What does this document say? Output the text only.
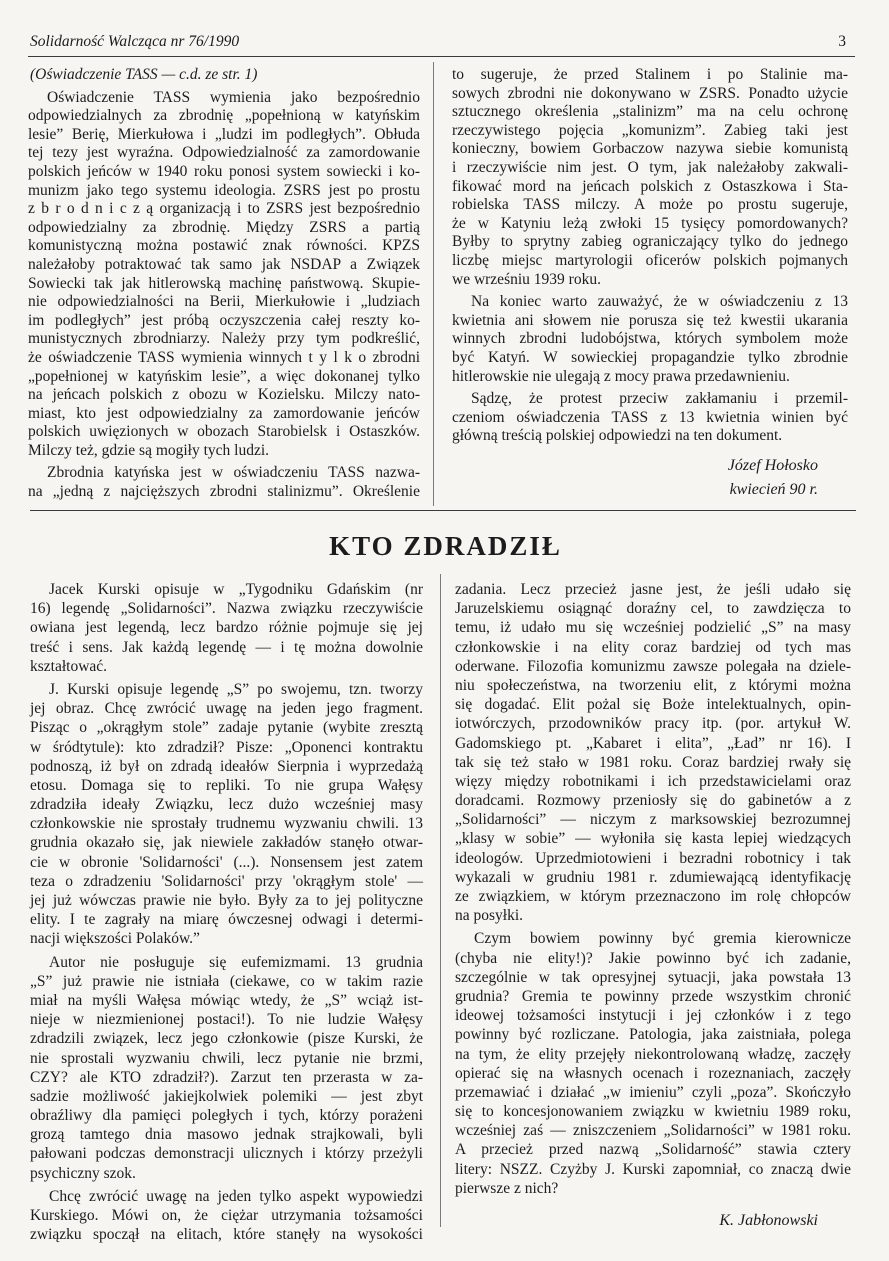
Solidarność Walcząca nr 76/1990	3
(Oświadczenie TASS — c.d. ze str. 1)
Oświadczenie TASS wymienia jako bezpośrednio
odpowiedzialnych za zbrodnię „popełnioną w katyńskim
lesie” Berię, Mierkułowa i „ludzi im podległych”. Obłuda
tej tezy jest wyraźna. Odpowiedzialność za zamordowanie
polskich jeńców w 1940 roku ponosi system sowiecki i ko-
munizm jako tego systemu ideologia. ZSRS jest po prostu
z b r o d n i c z ą organizacją i to ZSRS jest bezpośrednio
odpowiedzialny za zbrodnię. Między ZSRS a partią
komunistyczną można postawić znak równości. KPZS
należałoby potraktować tak samo jak NSDAP a Związek
Sowiecki tak jak hitlerowską machinę państwową. Skupie-
nie odpowiedzialności na Berii, Mierkułowie i „ludziach
im podległych” jest próbą oczyszczenia całej reszty ko-
munistycznych zbrodniarzy. Należy przy tym podkreślić,
że oświadczenie TASS wymienia winnych t y l k o zbrodni
„popełnionej w katyńskim lesie”, a więc dokonanej tylko
na jeńcach polskich z obozu w Kozielsku. Milczy nato-
miast, kto jest odpowiedzialny za zamordowanie jeńców
polskich uwięzionych w obozach Starobielsk i Ostaszków.
Milczy też, gdzie są mogiły tych ludzi.
Zbrodnia katyńska jest w oświadczeniu TASS nazwa-
na „jedną z najcięższych zbrodni stalinizmu”. Określenie
to sugeruje, że przed Stalinem i po Stalinie ma-
sowych zbrodni nie dokonywano w ZSRS. Ponadto użycie
sztucznego określenia „stalinizm” ma na celu ochronę
rzeczywistego pojęcia „komunizm”. Zabieg taki jest
konieczny, bowiem Gorbaczow nazywa siebie komunistą
i rzeczywiście nim jest. O tym, jak należałoby zakwali-
fikować mord na jeńcach polskich z Ostaszkowa i Sta-
robielska TASS milczy. A może po prostu sugeruje,
że w Katyniu leżą zwłoki 15 tysięcy pomordowanych?
Byłby to sprytny zabieg ograniczający tylko do jednego
liczbę miejsc martyrologii oficerów polskich pojmanych
we wrześniu 1939 roku.
Na koniec warto zauważyć, że w oświadczeniu z 13
kwietnia ani słowem nie porusza się też kwestii ukarania
winnych zbrodni ludobójstwa, których symbolem może
być Katyń. W sowieckiej propagandzie tylko zbrodnie
hitlerowskie nie ulegają z mocy prawa przedawnieniu.
Sądzę, że protest przeciw zakłamaniu i przemil-
czeniom oświadczenia TASS z 13 kwietnia winien być
główną treścią polskiej odpowiedzi na ten dokument.
Józef Hołosko
kwiecień 90 r.
KTO ZDRADZIŁ
Jacek Kurski opisuje w „Tygodniku Gdańskim (nr
16) legendę „Solidarności”. Nazwa związku rzeczywiście
owiana jest legendą, lecz bardzo różnie pojmuje się jej
treść i sens. Jak każdą legendę — i tę można dowolnie
kształtować.
J. Kurski opisuje legendę „S” po swojemu, tzn. tworzy
jej obraz. Chcę zwrócić uwagę na jeden jego fragment.
Pisząc o „okrągłym stole” zadaje pytanie (wybite zresztą
w śródtytule): kto zdradził? Pisze: „Oponenci kontraktu
podnoszą, iż był on zdradą ideałów Sierpnia i wyprzedażą
etosu. Domaga się to repliki. To nie grupa Wałęsy
zdradziła ideały Związku, lecz dużo wcześniej masy
członkowskie nie sprostały trudnemu wyzwaniu chwili. 13
grudnia okazało się, jak niewiele zakładów stanęło otwar-
cie w obronie 'Solidarności' (...). Nonsensem jest zatem
teza o zdradzeniu 'Solidarności' przy 'okrągłym stole' —
jej już wówczas prawie nie było. Były za to jej polityczne
elity. I te zagrały na miarę ówczesnej odwagi i determi-
nacji większości Polaków.”
Autor nie posługuje się eufemizmami. 13 grudnia
„S” już prawie nie istniała (ciekawe, co w takim razie
miał na myśli Wałęsa mówiąc wtedy, że „S” wciąż ist-
nieje w niezmienionej postaci!). To nie ludzie Wałęsy
zdradzili związek, lecz jego członkowie (pisze Kurski, że
nie sprostali wyzwaniu chwili, lecz pytanie nie brzmi,
CZY? ale KTO zdradził?). Zarzut ten przerasta w za-
sadzie możliwość jakiejkolwiek polemiki — jest zbyt
obraźliwy dla pamięci poległych i tych, którzy porażeni
grozą tamtego dnia masowo jednak strajkowali, byli
pałowani podczas demonstracji ulicznych i którzy przeżyli
psychiczny szok.
Chcę zwrócić uwagę na jeden tylko aspekt wypowiedzi
Kurskiego. Mówi on, że ciężar utrzymania tożsamości
związku spoczął na elitach, które stanęły na wysokości
zadania. Lecz przecież jasne jest, że jeśli udało się
Jaruzelskiemu osiągnąć doraźny cel, to zawdzięcza to
temu, iż udało mu się wcześniej podzielić „S” na masy
członkowskie i na elity coraz bardziej od tych mas
oderwane. Filozofia komunizmu zawsze polegała na dziele-
niu społeczeństwa, na tworzeniu elit, z którymi można
się dogadać. Elit pożal się Boże intelektualnych, opin-
iotwórczych, przodowników pracy itp. (por. artykuł W.
Gadomskiego pt. „Kabaret i elita”, „Ład” nr 16). I
tak się też stało w 1981 roku. Coraz bardziej rwały się
więzy między robotnikami i ich przedstawicielami oraz
doradcami. Rozmowy przeniosły się do gabinetów a z
„Solidarności” — niczym z marksowskiej bezrozumnej
„klasy w sobie” — wyłoniła się kasta lepiej wiedzących
ideologów. Uprzedmiotowieni i bezradni robotnicy i tak
wykazali w grudniu 1981 r. zdumiewającą identyfikację
ze związkiem, w którym przeznaczono im rolę chłopców
na posyłki.
Czym bowiem powinny być gremia kierownicze
(chyba nie elity!)? Jakie powinno być ich zadanie,
szczególnie w tak opresyjnej sytuacji, jaka powstała 13
grudnia? Gremia te powinny przede wszystkim chronić
ideowej tożsamości instytucji i jej członków i z tego
powinny być rozliczane. Patologia, jaka zaistniała, polega
na tym, że elity przejęły niekontrolowaną władzę, zaczęły
opierać się na własnych ocenach i rozeznaniach, zaczęły
przemawiać i działać „w imieniu” czyli „poza”. Skończyło
się to koncesjonowaniem związku w kwietniu 1989 roku,
wcześniej zaś — zniszczeniem „Solidarności” w 1981 roku.
A przecież przed nazwą „Solidarność” stawia cztery
litery: NSZZ. Czyżby J. Kurski zapomniał, co znaczą dwie
pierwsze z nich?
K. Jabłonowski
